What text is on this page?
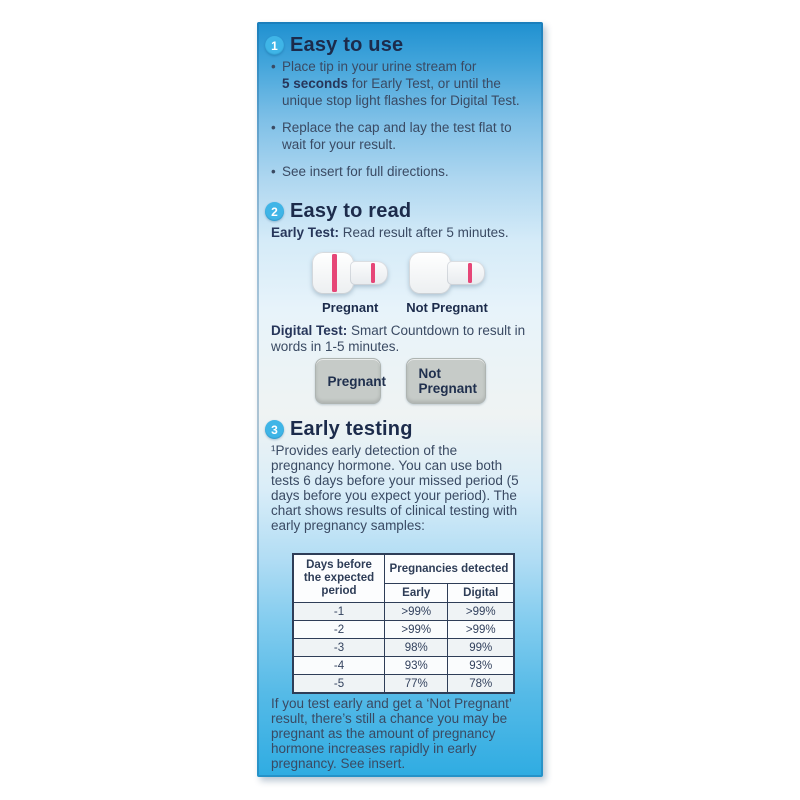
1 Easy to use
• Place tip in your urine stream for
5 seconds for Early Test, or until the unique stop light flashes for Digital Test.
• Replace the cap and lay the test flat to wait for your result.
• See insert for full directions.
2 Easy to read
Early Test: Read result after 5 minutes.
Pregnant Not Pregnant
Digital Test: Smart Countdown to result in words in 1-5 minutes.
Pregnant Not
Pregnant
3 Early testing
¹Provides early detection of the pregnancy hormone. You can use both tests 6 days before your missed period (5 days before you expect your period). The chart shows results of clinical testing with early pregnancy samples:
Days before the expected period	Pregnancies detected	
	Early	Digital
-1	>99%	>99%
-2	>99%	>99%
-3	98%	99%
-4	93%	93%
-5	77%	78%
If you test early and get a ‘Not Pregnant’ result, there’s still a chance you may be pregnant as the amount of pregnancy hormone increases rapidly in early pregnancy. See insert.
